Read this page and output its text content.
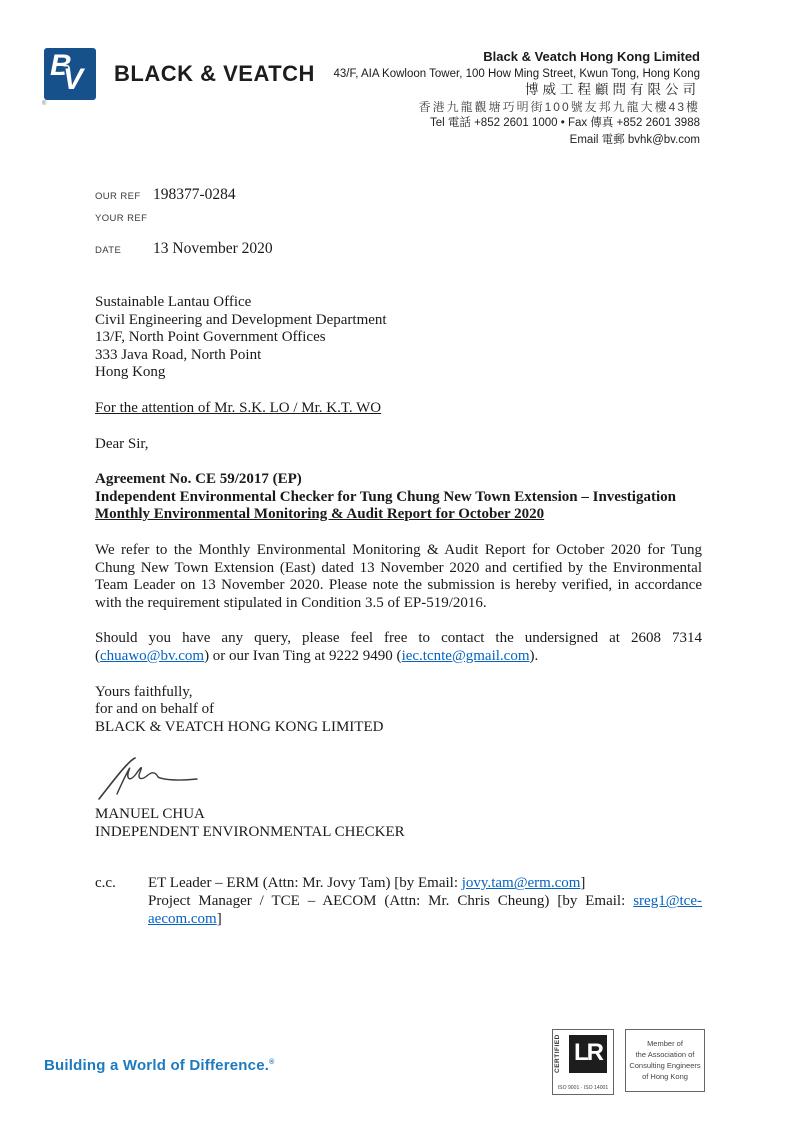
B
V
®
BLACK & VEATCH
Black & Veatch Hong Kong Limited
43/F, AIA Kowloon Tower, 100 How Ming Street, Kwun Tong, Hong Kong
博威工程顧問有限公司
香港九龍觀塘巧明街100號友邦九龍大樓43樓
Tel 電話 +852 2601 1000 • Fax 傳真 +852 2601 3988
Email 電郵 bvhk@bv.com
OUR REF 198377-0284
YOUR REF
DATE	13 November 2020
Sustainable Lantau Office
Civil Engineering and Development Department
13/F, North Point Government Offices
333 Java Road, North Point
Hong Kong
For the attention of Mr. S.K. LO / Mr. K.T. WO
Dear Sir,
Agreement No. CE 59/2017 (EP)
Independent Environmental Checker for Tung Chung New Town Extension – Investigation
Monthly Environmental Monitoring & Audit Report for October 2020
We refer to the Monthly Environmental Monitoring & Audit Report for October 2020 for Tung Chung New Town Extension (East) dated 13 November 2020 and certified by the Environmental Team Leader on 13 November 2020. Please note the submission is hereby verified, in accordance with the requirement stipulated in Condition 3.5 of EP-519/2016.
Should you have any query, please feel free to contact the undersigned at 2608 7314 (chuawo@bv.com) or our Ivan Ting at 9222 9490 (iec.tcnte@gmail.com).
Yours faithfully,
for and on behalf of
BLACK & VEATCH HONG KONG LIMITED
MANUEL CHUA
INDEPENDENT ENVIRONMENTAL CHECKER
c.c.	ET Leader – ERM (Attn: Mr. Jovy Tam) [by Email: jovy.tam@erm.com]
Project Manager / TCE – AECOM (Attn: Mr. Chris Cheung) [by Email: sreg1@tce-aecom.com]
Building a World of Difference.®	CERTIFIED LR
ISO 9001 · ISO 14001
Member of
the Association of
Consulting Engineers
of Hong Kong
